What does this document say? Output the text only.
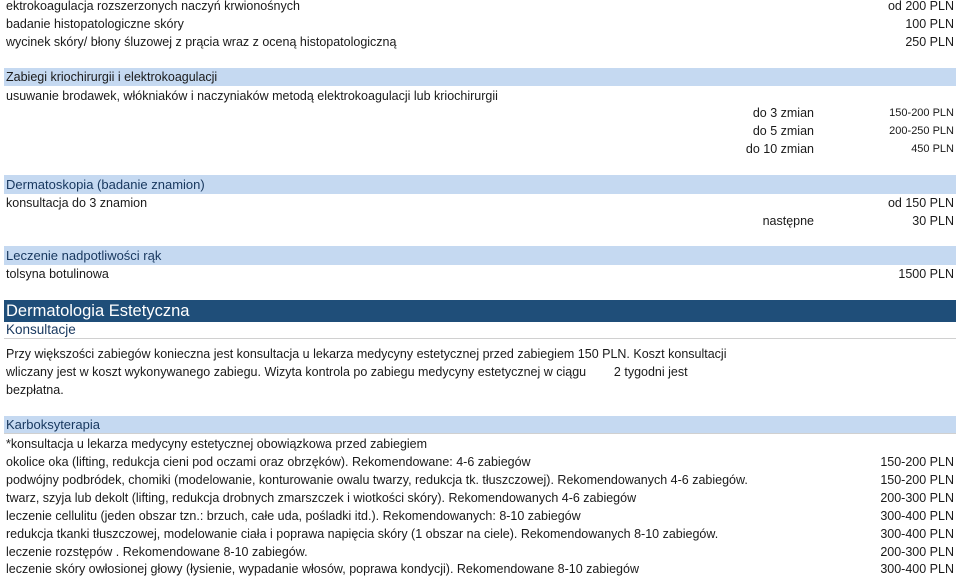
ektrokoagulacja rozszerzonych naczyń krwionośnych	od 200 PLN
badanie histopatologiczne skóry	100 PLN
wycinek skóry/ błony śluzowej z prącia wraz z oceną histopatologiczną	250 PLN
Zabiegi kriochirurgii i elektrokoagulacji
usuwanie brodawek, włókniaków i naczyniaków metodą elektrokoagulacji lub kriochirurgii
do 3 zmian	150-200 PLN
do 5 zmian	200-250 PLN
do 10 zmian	450 PLN
Dermatoskopia (badanie znamion)
konsultacja do 3 znamion	od 150 PLN
następne	30 PLN
Leczenie nadpotliwości rąk
tolsyna botulinowa	1500 PLN
Dermatologia Estetyczna
Konsultacje
Przy większości zabiegów konieczna jest konsultacja u lekarza medycyny estetycznej przed zabiegiem 150 PLN. Koszt konsultacji
wliczany jest w koszt wykonywanego zabiegu. Wizyta kontrola po zabiegu medycyny estetycznej w ciągu        2 tygodni jest
bezpłatna.
Karboksyterapia
*konsultacja u lekarza medycyny estetycznej obowiązkowa przed zabiegiem
okolice oka (lifting, redukcja cieni pod oczami oraz obrzęków). Rekomendowane: 4-6 zabiegów	150-200 PLN
podwójny podbródek, chomiki (modelowanie, konturowanie owalu twarzy, redukcja tk. tłuszczowej). Rekomendowanych 4-6 zabiegów.	150-200 PLN
twarz, szyja lub dekolt (lifting, redukcja drobnych zmarszczek i wiotkości skóry). Rekomendowanych 4-6 zabiegów	200-300 PLN
leczenie cellulitu (jeden obszar tzn.: brzuch, całe uda, pośladki itd.). Rekomendowanych: 8-10 zabiegów	300-400 PLN
redukcja tkanki tłuszczowej, modelowanie ciała i poprawa napięcia skóry (1 obszar na ciele). Rekomendowanych 8-10 zabiegów.	300-400 PLN
leczenie rozstępów . Rekomendowane 8-10 zabiegów.	200-300 PLN
leczenie skóry owłosionej głowy (łysienie, wypadanie włosów, poprawa kondycji). Rekomendowane 8-10 zabiegów	300-400 PLN
